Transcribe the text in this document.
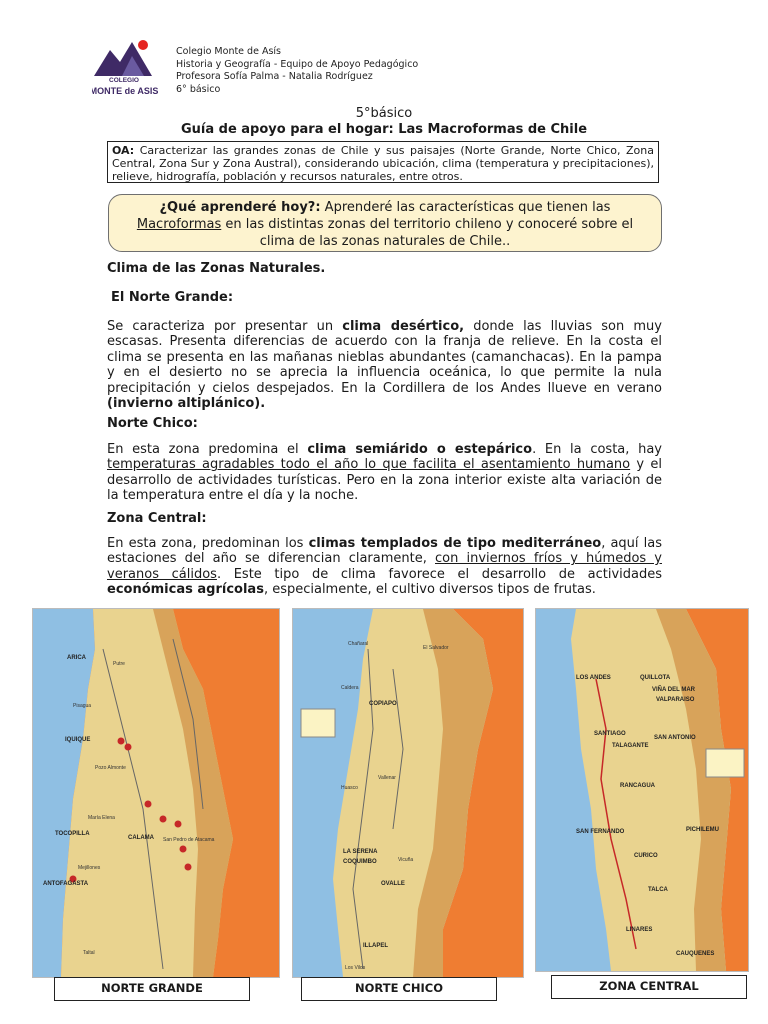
COLEGIO
MONTE de ASIS
Colegio Monte de Asís
Historia y Geografía - Equipo de Apoyo Pedagógico
Profesora Sofía Palma - Natalia Rodríguez
6° básico
5°básico
Guía de apoyo para el hogar: Las Macroformas de Chile
OA: Caracterizar las grandes zonas de Chile y sus paisajes (Norte Grande, Norte Chico, Zona Central, Zona Sur y Zona Austral), considerando ubicación, clima (temperatura y precipitaciones), relieve, hidrografía, población y recursos naturales, entre otros.
¿Qué aprenderé hoy?: Aprenderé las características que tienen las Macroformas en las distintas zonas del territorio chileno y conoceré sobre el clima de las zonas naturales de Chile..
Clima de las Zonas Naturales.
El Norte Grande:
Se caracteriza por presentar un clima desértico, donde las lluvias son muy escasas. Presenta diferencias de acuerdo con la franja de relieve. En la costa el clima se presenta en las mañanas nieblas abundantes (camanchacas). En la pampa y en el desierto no se aprecia la influencia oceánica, lo que permite la nula precipitación y cielos despejados. En la Cordillera de los Andes llueve en verano (invierno altiplánico).
Norte Chico:
En esta zona predomina el clima semiárido o estepárico. En la costa, hay temperaturas agradables todo el año lo que facilita el asentamiento humano y el desarrollo de actividades turísticas. Pero en la zona interior existe alta variación de la temperatura entre el día y la noche.
Zona Central:
En esta zona, predominan los climas templados de tipo mediterráneo, aquí las estaciones del año se diferencian claramente, con inviernos fríos y húmedos y veranos cálidos. Este tipo de clima favorece el desarrollo de actividades económicas agrícolas, especialmente, el cultivo diversos tipos de frutas.
ARICA
IQUIQUE
TOCOPILLA
CALAMA
ANTOFAGASTA
Putre
Pisagua
Pozo Almonte
María Elena
San Pedro de Atacama
Mejillones
Taltal
NORTE GRANDE
COPIAPO
LA SERENA
COQUIMBO
OVALLE
ILLAPEL
Chañaral
Caldera
Vallenar
Huasco
Vicuña
Los Vilos
El Salvador
NORTE CHICO
SANTIAGO
VALPARAISO
RANCAGUA
TALCA
LINARES
CAUQUENES
CURICO
SAN FERNANDO
SAN ANTONIO
QUILLOTA
LOS ANDES
TALAGANTE
PICHILEMU
VIÑA DEL MAR
ZONA CENTRAL
